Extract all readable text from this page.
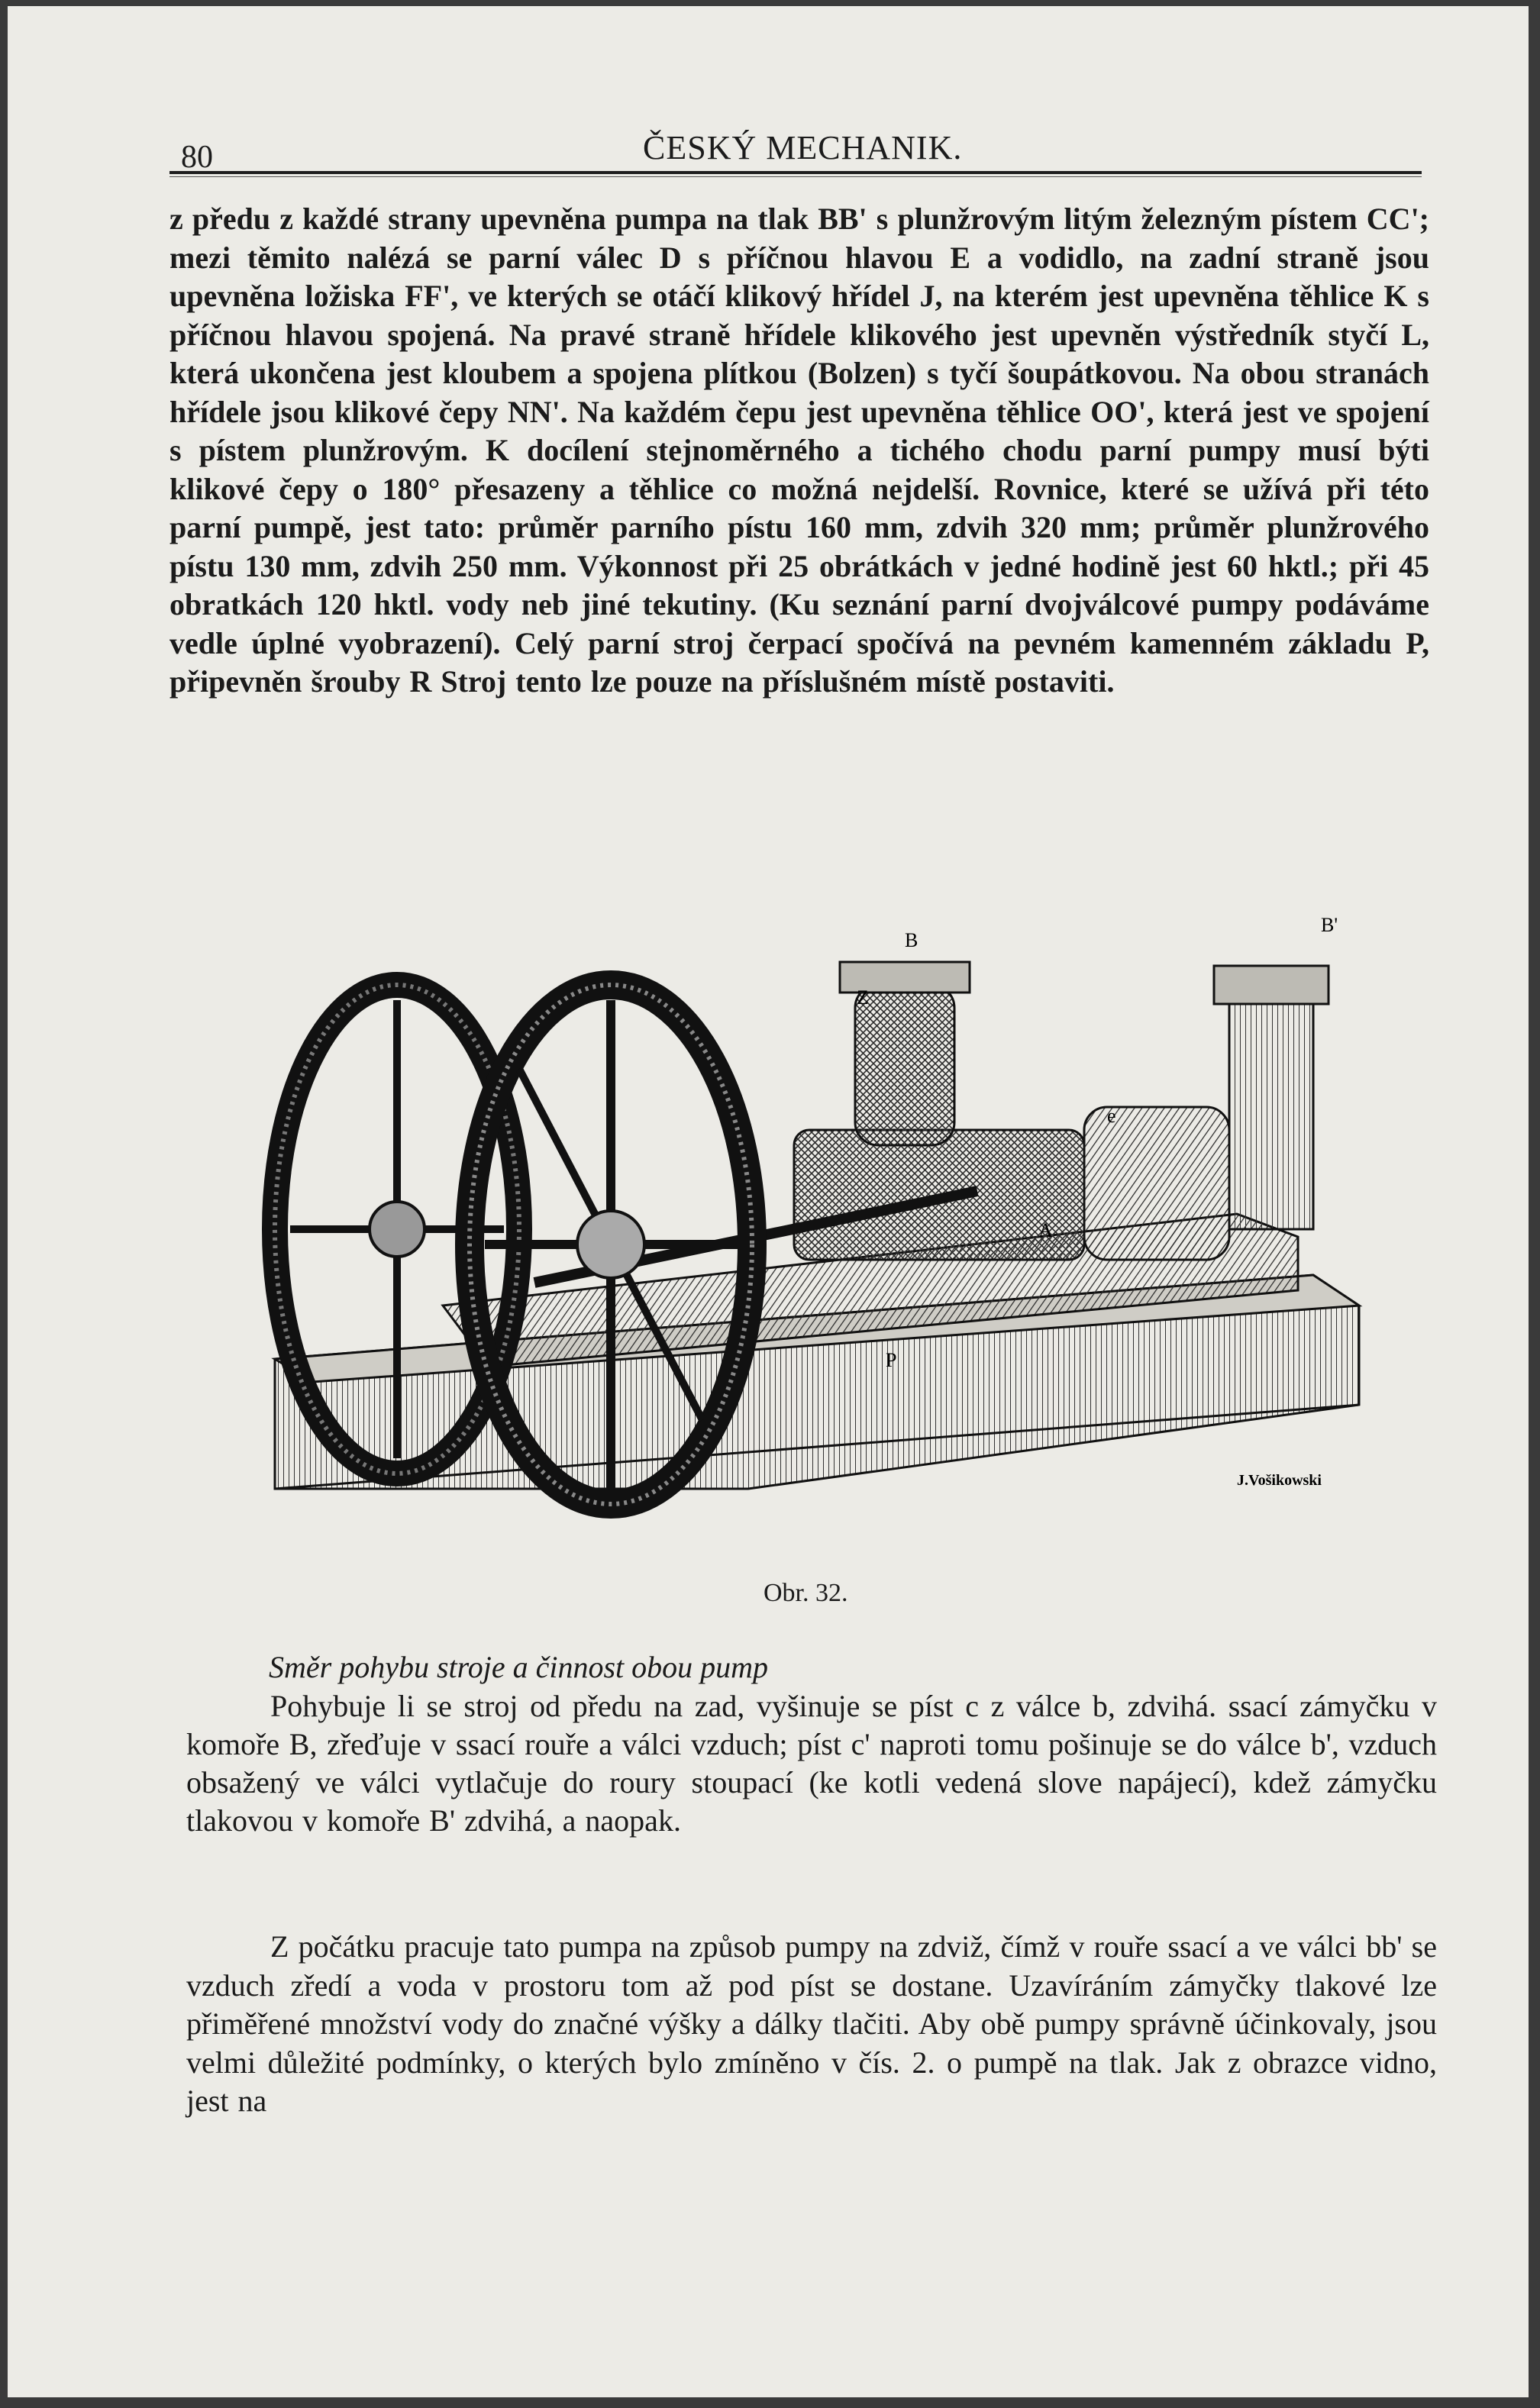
80	ČESKÝ MECHANIK.
z předu z každé strany upevněna pumpa na tlak BB' s plunžrovým litým železným pístem CC'; mezi těmito nalézá se parní válec D s příčnou hlavou E a vodidlo, na zadní straně jsou upevněna ložiska FF', ve kterých se otáčí klikový hřídel J, na kterém jest upevněna těhlice K s příčnou hlavou spojená. Na pravé straně hřídele klikového jest upevněn výstředník styčí L, která ukončena jest kloubem a spojena plítkou (Bolzen) s tyčí šoupátkovou. Na obou stranách hřídele jsou klikové čepy NN'. Na každém čepu jest upevněna těhlice OO', která jest ve spojení s pístem plunžrovým. K docílení stejnoměrného a tichého chodu parní pumpy musí býti klikové čepy o 180° přesazeny a těhlice co možná nejdelší. Rovnice, které se užívá při této parní pumpě, jest tato: průměr parního pístu 160 mm, zdvih 320 mm; průměr plunžrového pístu 130 mm, zdvih 250 mm. Výkonnost při 25 obrátkách v jedné hodině jest 60 hktl.; při 45 obratkách 120 hktl. vody neb jiné tekutiny. (Ku seznání parní dvojválcové pumpy podáváme vedle úplné vyobrazení). Celý parní stroj čerpací spočívá na pevném kamenném základu P, připevněn šrouby R Stroj tento lze pouze na příslušném místě postaviti.
B
B'
A
P
e
Z
J.Vošikowski
Obr. 32.
Směr pohybu stroje a činnost obou pump
Pohybuje li se stroj od předu na zad, vyšinuje se píst c z válce b, zdvihá. ssací zámyčku v komoře B, zřeďuje v ssací rouře a válci vzduch; píst c' naproti tomu pošinuje se do válce b', vzduch obsažený ve válci vytlačuje do roury stoupací (ke kotli vedená slove napájecí), kdež zámyčku tlakovou v komoře B' zdvihá, a naopak.
Z počátku pracuje tato pumpa na způsob pumpy na zdviž, čímž v rouře ssací a ve válci bb' se vzduch zředí a voda v prostoru tom až pod píst se dostane. Uzavíráním zámyčky tlakové lze přiměřené množství vody do značné výšky a dálky tlačiti. Aby obě pumpy správně účinkovaly, jsou velmi důležité podmínky, o kterých bylo zmíněno v čís. 2. o pumpě na tlak. Jak z obrazce vidno, jest na
